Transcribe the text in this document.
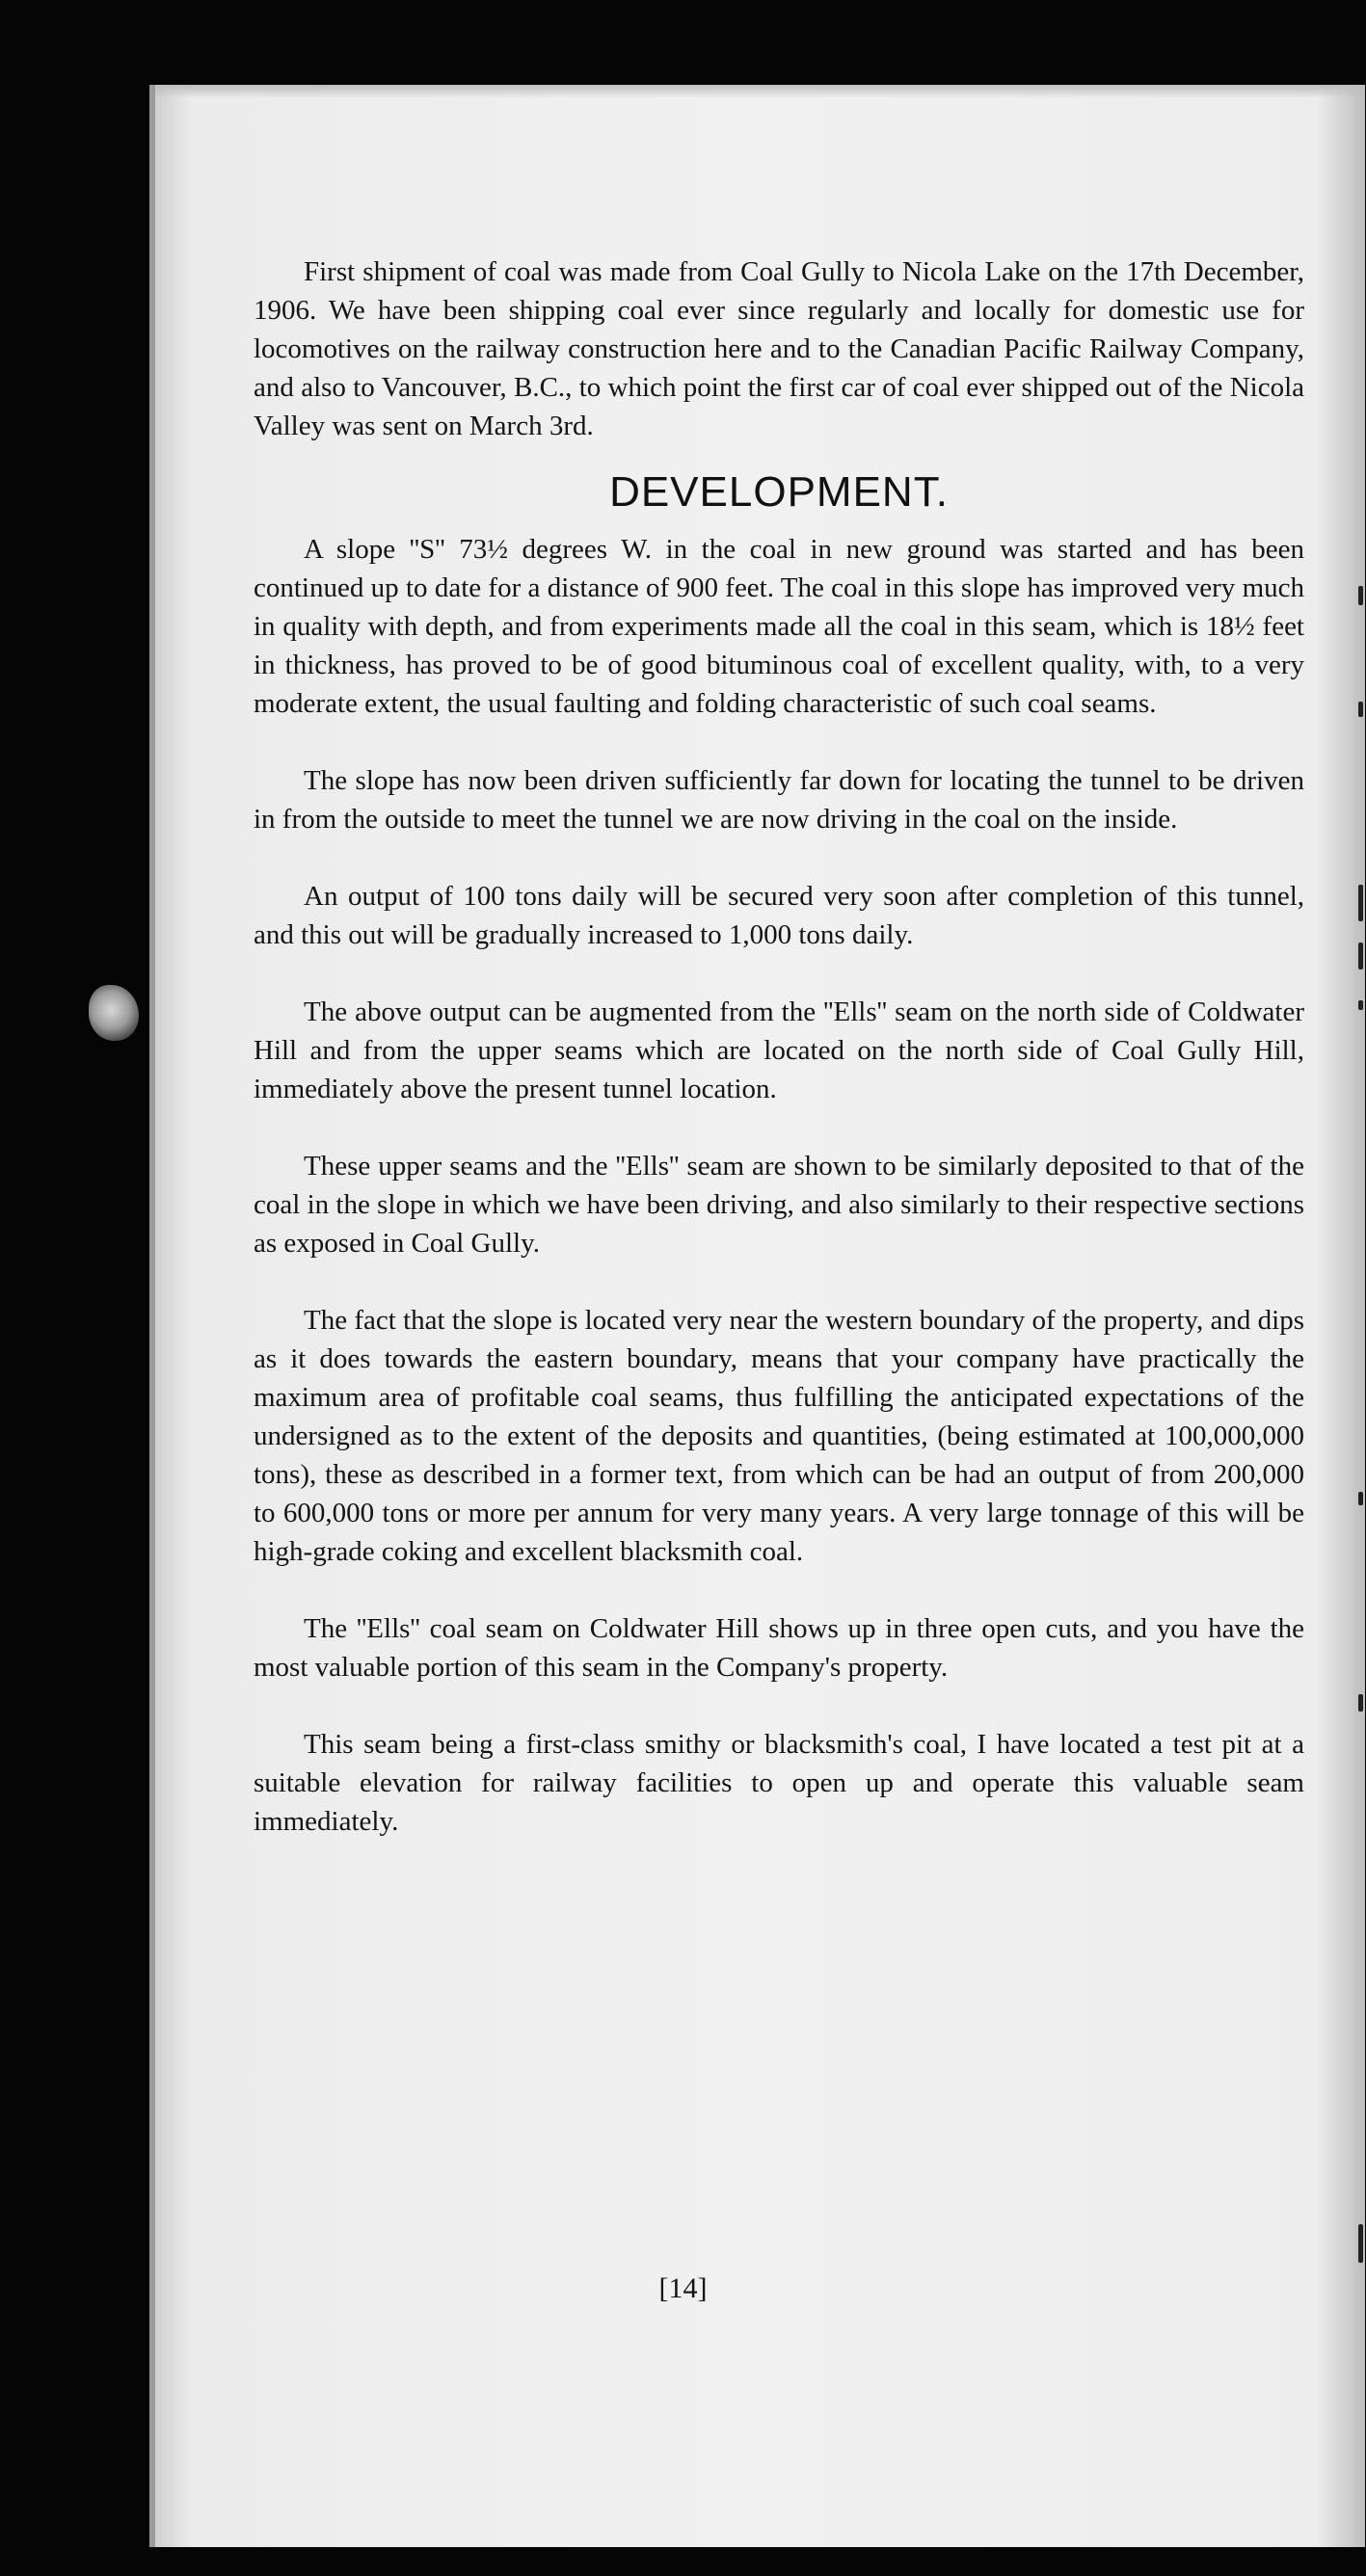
First shipment of coal was made from Coal Gully to Nicola Lake on the 17th December, 1906. We have been shipping coal ever since regularly and locally for domestic use for locomotives on the railway construction here and to the Canadian Pacific Railway Company, and also to Vancouver, B.C., to which point the first car of coal ever shipped out of the Nicola Valley was sent on March 3rd.

DEVELOPMENT.

A slope ''S'' 73½ degrees W. in the coal in new ground was started and has been continued up to date for a distance of 900 feet. The coal in this slope has improved very much in quality with depth, and from experiments made all the coal in this seam, which is 18½ feet in thickness, has proved to be of good bituminous coal of excellent quality, with, to a very moderate extent, the usual faulting and folding characteristic of such coal seams.

The slope has now been driven sufficiently far down for locating the tunnel to be driven in from the outside to meet the tunnel we are now driving in the coal on the inside.

An output of 100 tons daily will be secured very soon after completion of this tunnel, and this out will be gradually increased to 1,000 tons daily.

The above output can be augmented from the ''Ells'' seam on the north side of Coldwater Hill and from the upper seams which are located on the north side of Coal Gully Hill, immediately above the present tunnel location.

These upper seams and the ''Ells'' seam are shown to be similarly deposited to that of the coal in the slope in which we have been driving, and also similarly to their respective sections as exposed in Coal Gully.

The fact that the slope is located very near the western boundary of the property, and dips as it does towards the eastern boundary, means that your company have practically the maximum area of profitable coal seams, thus fulfilling the anticipated expectations of the undersigned as to the extent of the deposits and quantities, (being estimated at 100,000,000 tons), these as described in a former text, from which can be had an output of from 200,000 to 600,000 tons or more per annum for very many years. A very large tonnage of this will be high-grade coking and excellent blacksmith coal.

The ''Ells'' coal seam on Coldwater Hill shows up in three open cuts, and you have the most valuable portion of this seam in the Company's property.

This seam being a first-class smithy or blacksmith's coal, I have located a test pit at a suitable elevation for railway facilities to open up and operate this valuable seam immediately.

[14]
